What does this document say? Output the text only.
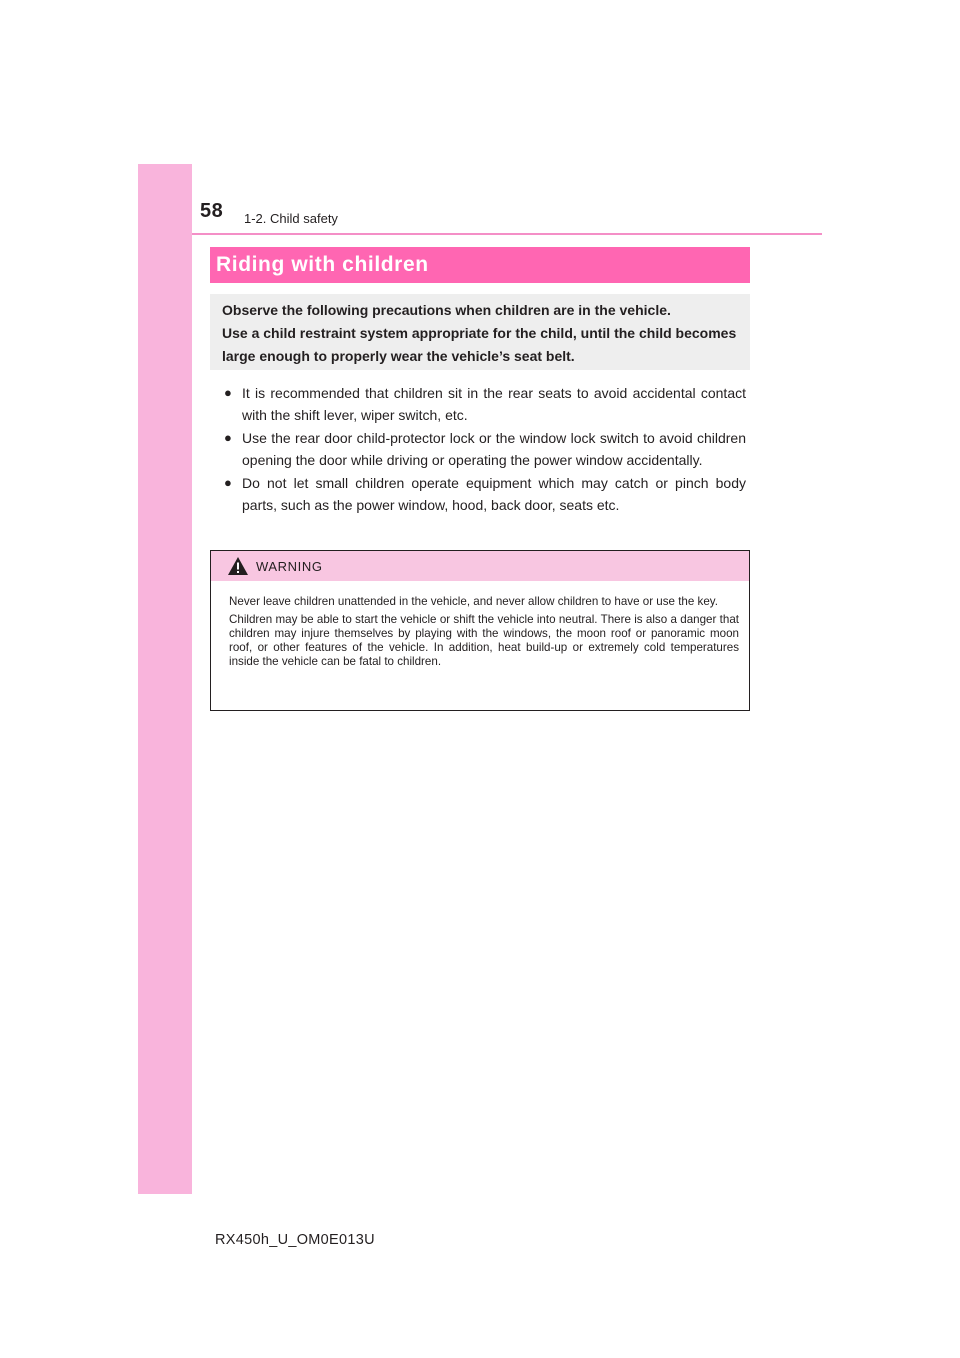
58 1-2. Child safety
Riding with children

Observe the following precautions when children are in the vehicle.

Use a child restraint system appropriate for the child, until the child becomes

large enough to properly wear the vehicle’s seat belt.

● It is recommended that children sit in the rear seats to avoid accidental contact with the shift lever, wiper switch, etc.
● Use the rear door child-protector lock or the window lock switch to avoid children opening the door while driving or operating the power window accidentally.
● Do not let small children operate equipment which may catch or pinch body parts, such as the power window, hood, back door, seats etc.
WARNING

Never leave children unattended in the vehicle, and never allow children to have or use the key.

Children may be able to start the vehicle or shift the vehicle into neutral. There is also a danger that children may injure themselves by playing with the windows, the moon roof or panoramic moon roof, or other features of the vehicle. In addition, heat build-up or extremely cold temperatures inside the vehicle can be fatal to children.

RX450h_U_OM0E013U
